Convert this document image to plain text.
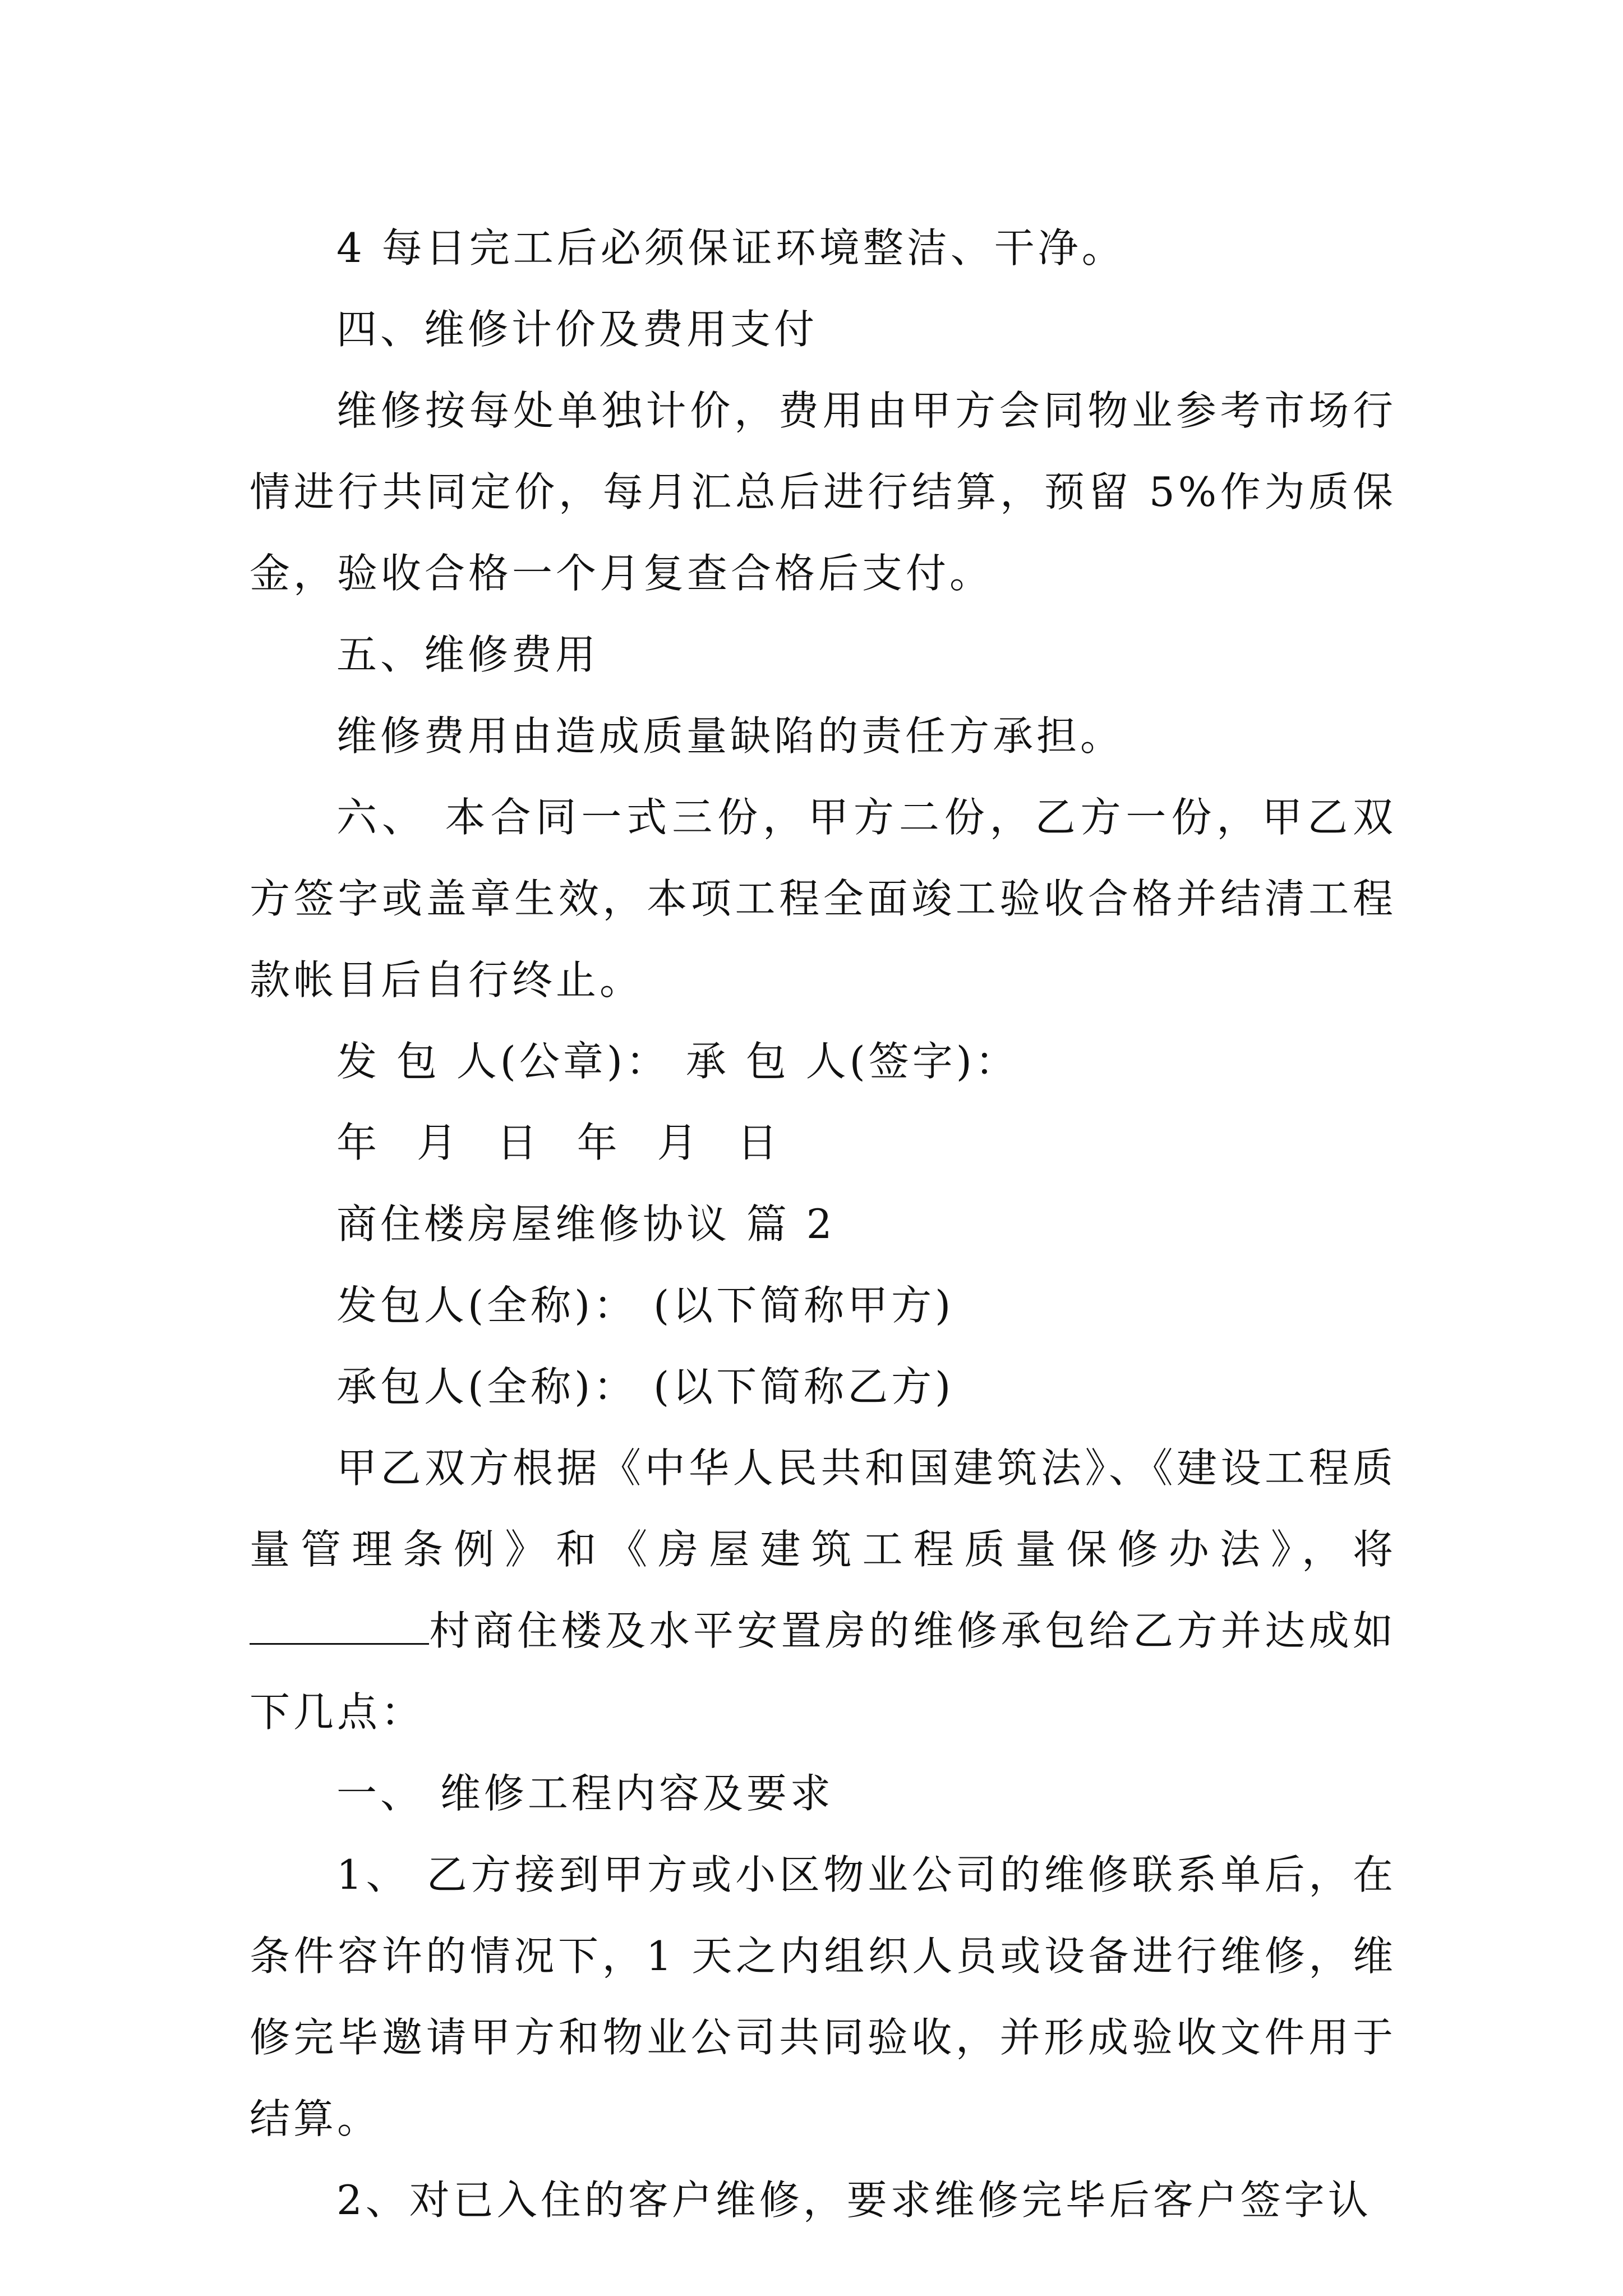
4 每日完工后必须保证环境整洁、干净。

四、维修计价及费用支付

维修按每处单独计价，费用由甲方会同物业参考市场行情进行共同定价，每月汇总后进行结算，预留 5%作为质保金，验收合格一个月复查合格后支付。

五、维修费用

维修费用由造成质量缺陷的责任方承担。

六、 本合同一式三份，甲方二份，乙方一份，甲乙双方签字或盖章生效，本项工程全面竣工验收合格并结清工程款帐目后自行终止。

发 包 人(公章)： 承 包 人(签字)：

年 月 日 年 月 日

商住楼房屋维修协议 篇 2

发包人(全称)： (以下简称甲方)

承包人(全称)： (以下简称乙方)

甲乙双方根据《中华人民共和国建筑法》、《建设工程质量管理条例》和《房屋建筑工程质量保修办法》，将村商住楼及水平安置房的维修承包给乙方并达成如下几点：

一、 维修工程内容及要求

1、 乙方接到甲方或小区物业公司的维修联系单后，在条件容许的情况下，1 天之内组织人员或设备进行维修，维修完毕邀请甲方和物业公司共同验收，并形成验收文件用于结算。

2、对已入住的客户维修，要求维修完毕后客户签字认
